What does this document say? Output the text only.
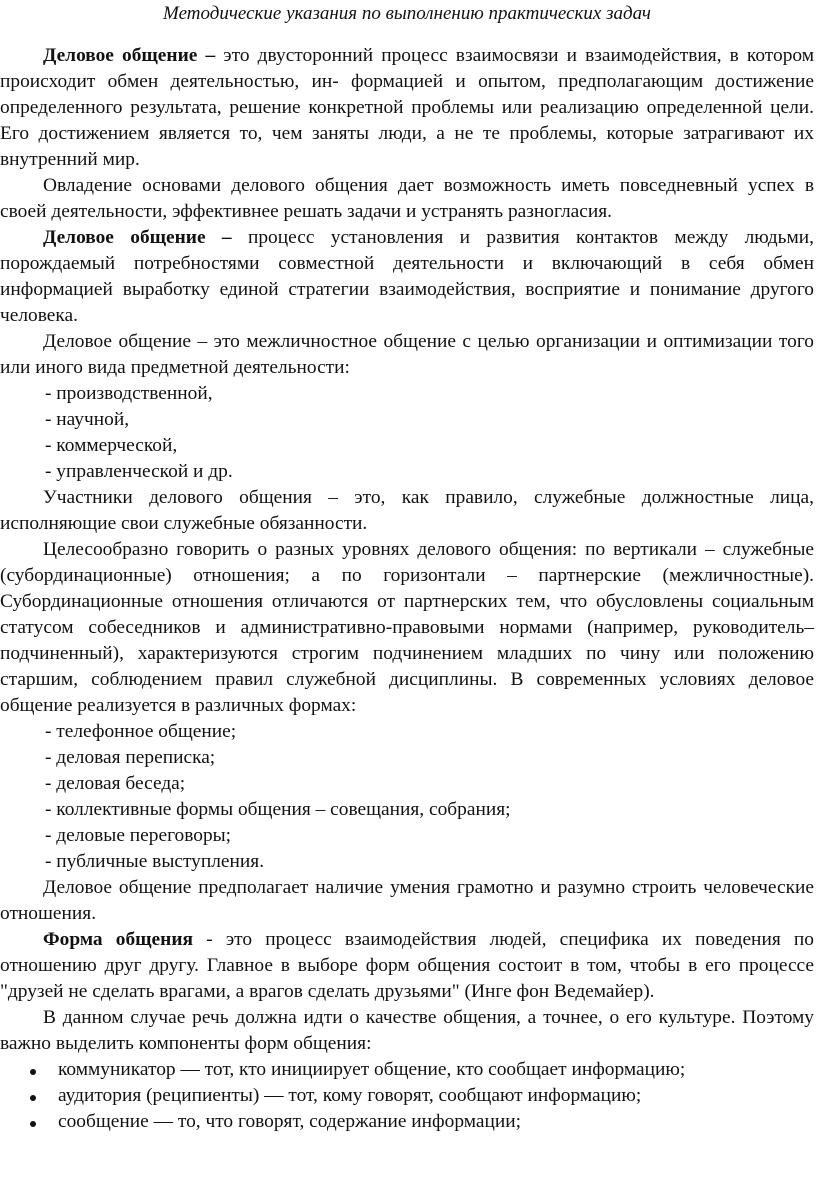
Методические указания по выполнению практических задач

Деловое общение – это двусторонний процесс взаимосвязи и взаимодействия, в котором происходит обмен деятельностью, ин- формацией и опытом, предполагающим достижение определенного результата, решение конкретной проблемы или реализацию определенной цели. Его достижением является то, чем заняты люди, а не те проблемы, которые затрагивают их внутренний мир.

Овладение основами делового общения дает возможность иметь повседневный успех в своей деятельности, эффективнее решать задачи и устранять разногласия.

Деловое общение – процесс установления и развития контактов между людьми, порождаемый потребностями совместной деятельности и включающий в себя обмен информацией выработку единой стратегии взаимодействия, восприятие и понимание другого человека.

Деловое общение – это межличностное общение с целью организации и оптимизации того или иного вида предметной деятельности:

- производственной,
- научной,
- коммерческой,
- управленческой и др.

Участники делового общения – это, как правило, служебные должностные лица, исполняющие свои служебные обязанности.

Целесообразно говорить о разных уровнях делового общения: по вертикали – служебные (субординационные) отношения; а по горизонтали – партнерские (межличностные). Субординационные отношения отличаются от партнерских тем, что обусловлены социальным статусом собеседников и административно-правовыми нормами (например, руководитель–подчиненный), характеризуются строгим подчинением младших по чину или положению старшим, соблюдением правил служебной дисциплины. В современных условиях деловое общение реализуется в различных формах:

- телефонное общение;
- деловая переписка;
- деловая беседа;
- коллективные формы общения – совещания, собрания;
- деловые переговоры;
- публичные выступления.

Деловое общение предполагает наличие умения грамотно и разумно строить человеческие отношения.

Форма общения - это процесс взаимодействия людей, специфика их поведения по отношению друг другу. Главное в выборе форм общения состоит в том, чтобы в его процессе "друзей не сделать врагами, а врагов сделать друзьями" (Инге фон Ведемайер).

В данном случае речь должна идти о качестве общения, а точнее, о его культуре. Поэтому важно выделить компоненты форм общения:

коммуникатор — тот, кто инициирует общение, кто сообщает информацию;
аудитория (реципиенты) — тот, кому говорят, сообщают информацию;
сообщение — то, что говорят, содержание информации;
